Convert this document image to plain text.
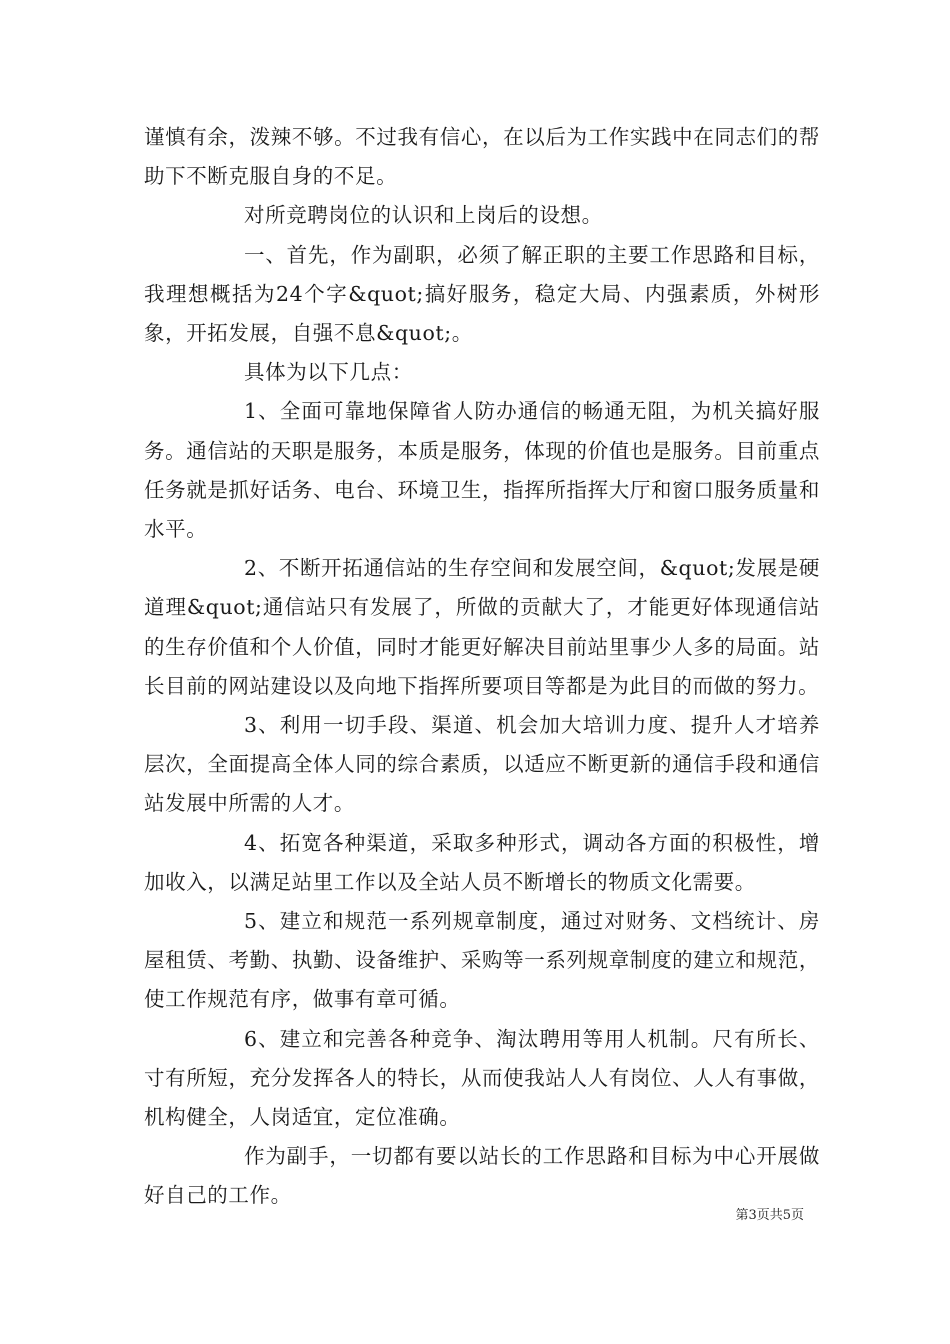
谨慎有余，泼辣不够。不过我有信心，在以后为工作实践中在同志们的帮助下不断克服自身的不足。

对所竞聘岗位的认识和上岗后的设想。

一、首先，作为副职，必须了解正职的主要工作思路和目标，我理想概括为24个字&quot;搞好服务，稳定大局、内强素质，外树形象，开拓发展，自强不息&quot;。

具体为以下几点：

1、全面可靠地保障省人防办通信的畅通无阻，为机关搞好服务。通信站的天职是服务，本质是服务，体现的价值也是服务。目前重点任务就是抓好话务、电台、环境卫生，指挥所指挥大厅和窗口服务质量和水平。

2、不断开拓通信站的生存空间和发展空间，&quot;发展是硬道理&quot;通信站只有发展了，所做的贡献大了，才能更好体现通信站的生存价值和个人价值，同时才能更好解决目前站里事少人多的局面。站长目前的网站建设以及向地下指挥所要项目等都是为此目的而做的努力。

3、利用一切手段、渠道、机会加大培训力度、提升人才培养层次，全面提高全体人同的综合素质，以适应不断更新的通信手段和通信站发展中所需的人才。

4、拓宽各种渠道，采取多种形式，调动各方面的积极性，增加收入，以满足站里工作以及全站人员不断增长的物质文化需要。

5、建立和规范一系列规章制度，通过对财务、文档统计、房屋租赁、考勤、执勤、设备维护、采购等一系列规章制度的建立和规范，使工作规范有序，做事有章可循。

6、建立和完善各种竞争、淘汰聘用等用人机制。尺有所长、寸有所短，充分发挥各人的特长，从而使我站人人有岗位、人人有事做，机构健全，人岗适宜，定位准确。

作为副手，一切都有要以站长的工作思路和目标为中心开展做好自己的工作。

第3页共5页
